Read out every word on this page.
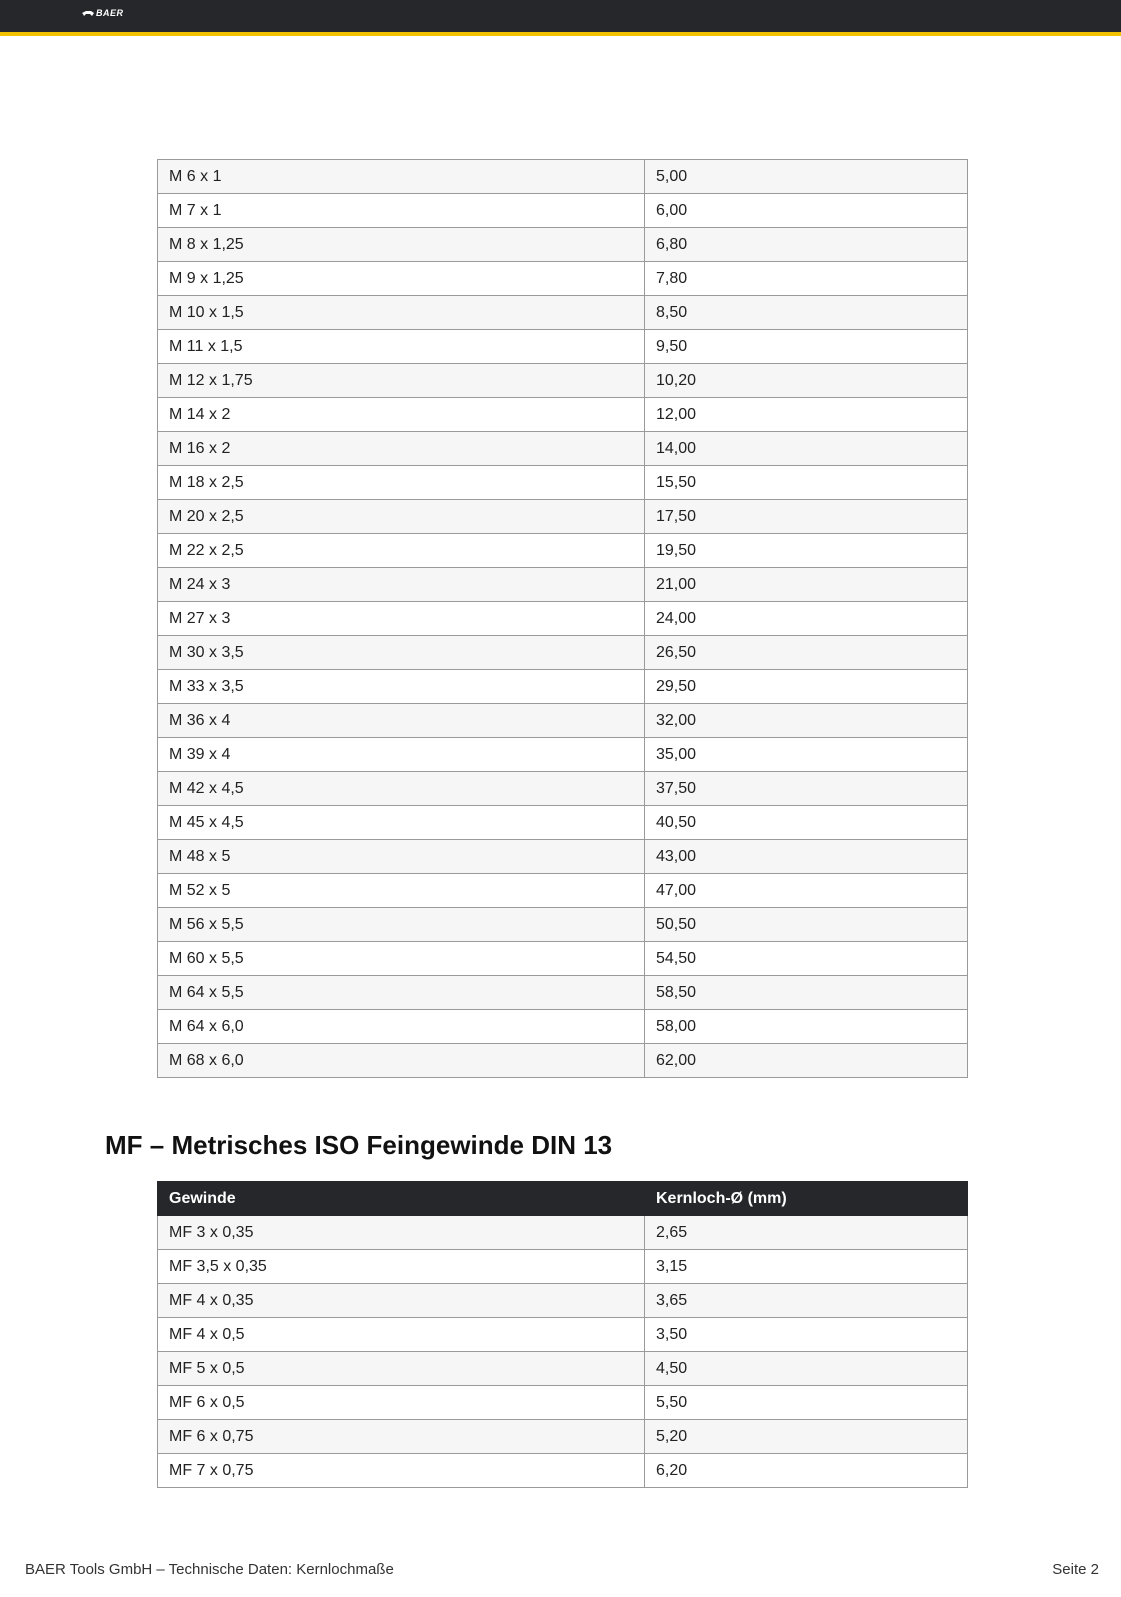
BAER
M 6 x 1	5,00
M 7 x 1	6,00
M 8 x 1,25	6,80
M 9 x 1,25	7,80
M 10 x 1,5	8,50
M 11 x 1,5	9,50
M 12 x 1,75	10,20
M 14 x 2	12,00
M 16 x 2	14,00
M 18 x 2,5	15,50
M 20 x 2,5	17,50
M 22 x 2,5	19,50
M 24 x 3	21,00
M 27 x 3	24,00
M 30 x 3,5	26,50
M 33 x 3,5	29,50
M 36 x 4	32,00
M 39 x 4	35,00
M 42 x 4,5	37,50
M 45 x 4,5	40,50
M 48 x 5	43,00
M 52 x 5	47,00
M 56 x 5,5	50,50
M 60 x 5,5	54,50
M 64 x 5,5	58,50
M 64 x 6,0	58,00
M 68 x 6,0	62,00
MF – Metrisches ISO Feingewinde DIN 13
Gewinde	Kernloch-Ø (mm)
MF 3 x 0,35	2,65
MF 3,5 x 0,35	3,15
MF 4 x 0,35	3,65
MF 4 x 0,5	3,50
MF 5 x 0,5	4,50
MF 6 x 0,5	5,50
MF 6 x 0,75	5,20
MF 7 x 0,75	6,20
BAER Tools GmbH – Technische Daten: Kernlochmaße	Seite 2
